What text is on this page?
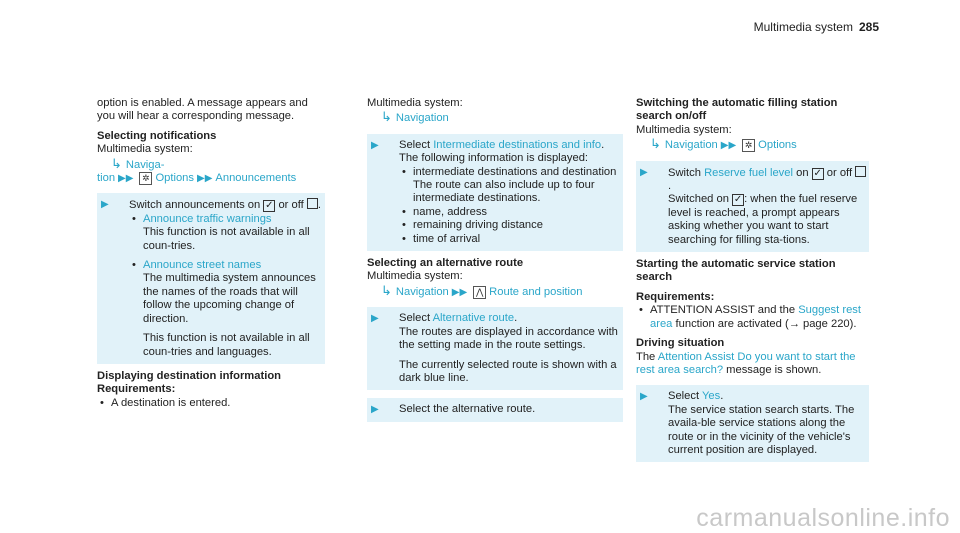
Multimedia system 285

option is enabled. A message appears and you will hear a corresponding message.

Selecting notifications

Multimedia system:

↳ Naviga-

tion ▶▶ ✲ Options ▶▶ Announcements

▶ Switch announcements on ✓ or off .

• Announce traffic warnings

This function is not available in all coun-tries.

• Announce street names

The multimedia system announces the names of the roads that will follow the upcoming change of direction.

This function is not available in all coun-tries and languages.

Displaying destination information

Requirements:

• A destination is entered.

Multimedia system:

↳ Navigation

▶ Select Intermediate destinations and info.

The following information is displayed:

• intermediate destinations and destination

The route can also include up to four intermediate destinations.

• name, address
• remaining driving distance
• time of arrival

Selecting an alternative route

Multimedia system:

↳ Navigation ▶▶ ⋀ Route and position

▶ Select Alternative route.

The routes are displayed in accordance with the setting made in the route settings.

The currently selected route is shown with a dark blue line.

▶ Select the alternative route.

Switching the automatic filling station search on/off

Multimedia system:

↳ Navigation ▶▶ ✲ Options

▶ Switch Reserve fuel level on ✓ or off .

Switched on ✓ : when the fuel reserve level is reached, a prompt appears asking whether you want to start searching for filling sta-tions.

Starting the automatic service station search

Requirements:

• ATTENTION ASSIST and the Suggest rest area function are activated (→ page 220).

Driving situation

The Attention Assist Do you want to start the rest area search? message is shown.

▶ Select Yes.

The service station search starts. The availa-ble service stations along the route or in the vicinity of the vehicle's current position are displayed.

carmanualsonline.info
